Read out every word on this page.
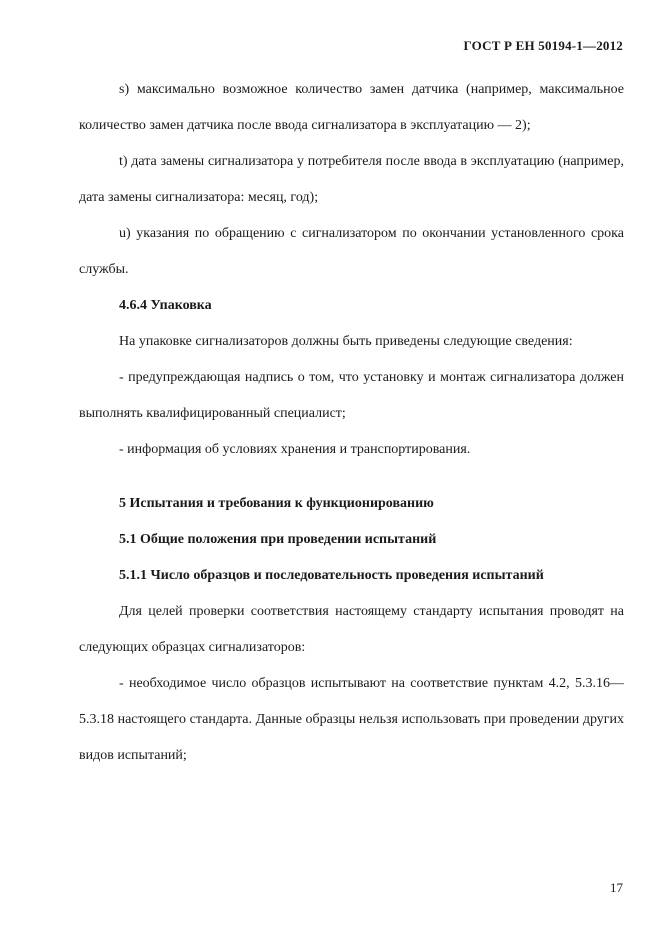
ГОСТ Р ЕН 50194-1—2012

s) максимально возможное количество замен датчика (например, максимальное количество замен датчика после ввода сигнализатора в эксплуатацию — 2);

t) дата замены сигнализатора у потребителя после ввода в эксплуатацию (например, дата замены сигнализатора: месяц, год);

u) указания по обращению с сигнализатором по окончании установленного срока службы.

4.6.4 Упаковка

На упаковке сигнализаторов должны быть приведены следующие сведения:

- предупреждающая надпись о том, что установку и монтаж сигнализатора должен выполнять квалифицированный специалист;

- информация об условиях хранения и транспортирования.

5 Испытания и требования к функционированию

5.1 Общие положения при проведении испытаний

5.1.1 Число образцов и последовательность проведения испытаний

Для целей проверки соответствия настоящему стандарту испытания проводят на следующих образцах сигнализаторов:

- необходимое число образцов испытывают на соответствие пунктам 4.2, 5.3.16—5.3.18 настоящего стандарта. Данные образцы нельзя использовать при проведении других видов испытаний;

17
